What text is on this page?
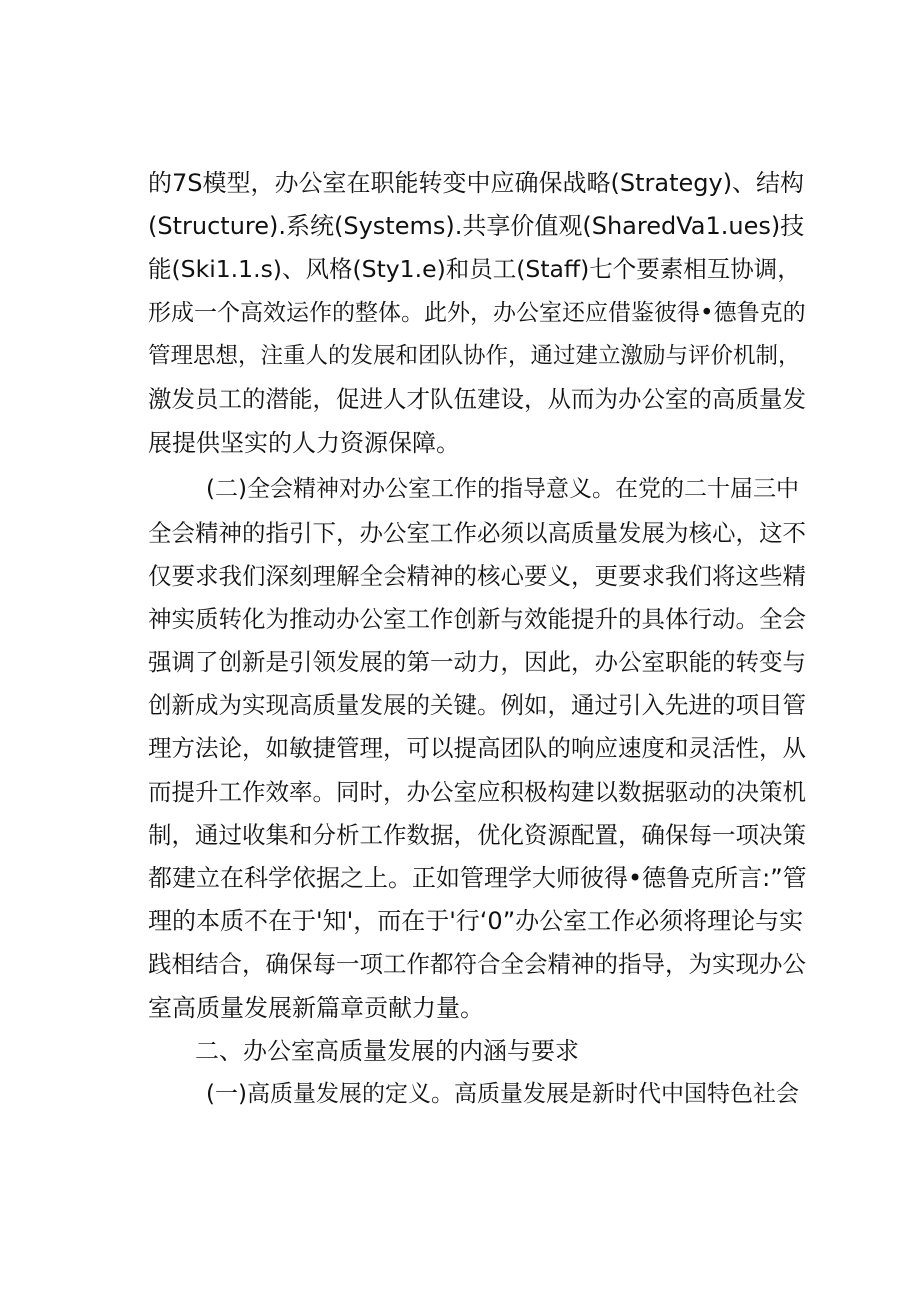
的7S模型，办公室在职能转变中应确保战略(Strategy)、结构
(Structure).系统(Systems).共享价值观(SharedVa1.ues)技
能(Ski1.1.s)、风格(Sty1.e)和员工(Staff)七个要素相互协调，
形成一个高效运作的整体。此外，办公室还应借鉴彼得•德鲁克的
管理思想，注重人的发展和团队协作，通过建立激励与评价机制，
激发员工的潜能，促进人才队伍建设，从而为办公室的高质量发
展提供坚实的人力资源保障。
(二)全会精神对办公室工作的指导意义。在党的二十届三中
全会精神的指引下，办公室工作必须以高质量发展为核心，这不
仅要求我们深刻理解全会精神的核心要义，更要求我们将这些精
神实质转化为推动办公室工作创新与效能提升的具体行动。全会
强调了创新是引领发展的第一动力，因此，办公室职能的转变与
创新成为实现高质量发展的关键。例如，通过引入先进的项目管
理方法论，如敏捷管理，可以提高团队的响应速度和灵活性，从
而提升工作效率。同时，办公室应积极构建以数据驱动的决策机
制，通过收集和分析工作数据，优化资源配置，确保每一项决策
都建立在科学依据之上。正如管理学大师彼得•德鲁克所言:”管
理的本质不在于'知'，而在于'行‘0”办公室工作必须将理论与实
践相结合，确保每一项工作都符合全会精神的指导，为实现办公
室高质量发展新篇章贡献力量。
二、办公室高质量发展的内涵与要求
(一)高质量发展的定义。高质量发展是新时代中国特色社会
